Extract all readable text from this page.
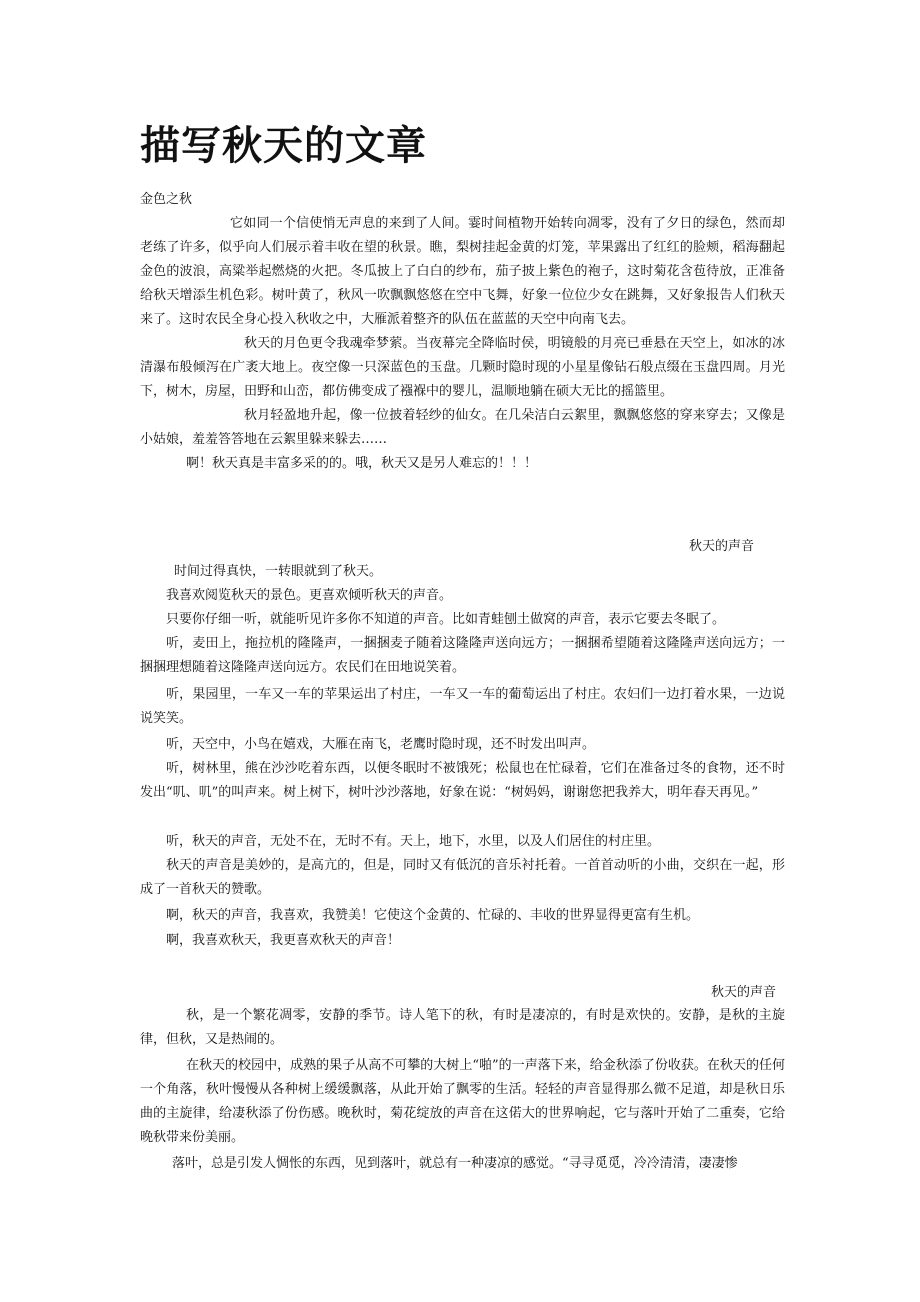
描写秋天的文章
金色之秋

它如同一个信使悄无声息的来到了人间。霎时间植物开始转向凋零，没有了夕日的绿色，然而却老练了许多，似乎向人们展示着丰收在望的秋景。瞧，梨树挂起金黄的灯笼，苹果露出了红红的脸颊，稻海翻起金色的波浪，高粱举起燃烧的火把。冬瓜披上了白白的纱布，茄子披上紫色的袍子，这时菊花含苞待放，正准备给秋天增添生机色彩。树叶黄了，秋风一吹飘飘悠悠在空中飞舞，好象一位位少女在跳舞，又好象报告人们秋天来了。这时农民全身心投入秋收之中，大雁派着整齐的队伍在蓝蓝的天空中向南飞去。

秋天的月色更令我魂牵梦萦。当夜幕完全降临时侯，明镜般的月亮已垂悬在天空上，如冰的冰清瀑布般倾泻在广袤大地上。夜空像一只深蓝色的玉盘。几颗时隐时现的小星星像钻石般点缀在玉盘四周。月光下，树木，房屋，田野和山峦，都仿佛变成了襁褓中的婴儿，温顺地躺在硕大无比的摇篮里。

秋月轻盈地升起，像一位披着轻纱的仙女。在几朵洁白云絮里，飘飘悠悠的穿来穿去；又像是小姑娘，羞羞答答地在云絮里躲来躲去……

啊！秋天真是丰富多采的的。哦，秋天又是另人难忘的！！！

秋天的声音

时间过得真快，一转眼就到了秋天。

我喜欢阅览秋天的景色。更喜欢倾听秋天的声音。

只要你仔细一听，就能听见许多你不知道的声音。比如青蛙刨土做窝的声音，表示它要去冬眠了。

听，麦田上，拖拉机的隆隆声，一捆捆麦子随着这隆隆声送向远方；一捆捆希望随着这隆隆声送向远方；一捆捆理想随着这隆隆声送向远方。农民们在田地说笑着。

听，果园里，一车又一车的苹果运出了村庄，一车又一车的葡萄运出了村庄。农妇们一边打着水果，一边说说笑笑。

听，天空中，小鸟在嬉戏，大雁在南飞，老鹰时隐时现，还不时发出叫声。

听，树林里，熊在沙沙吃着东西，以便冬眠时不被饿死；松鼠也在忙碌着，它们在准备过冬的食物，还不时发出“叽、叽”的叫声来。树上树下，树叶沙沙落地，好象在说：“树妈妈，谢谢您把我养大，明年春天再见。”

听，秋天的声音，无处不在，无时不有。天上，地下，水里，以及人们居住的村庄里。

秋天的声音是美妙的，是高亢的，但是，同时又有低沉的音乐衬托着。一首首动听的小曲，交织在一起，形成了一首秋天的赞歌。

啊，秋天的声音，我喜欢，我赞美！它使这个金黄的、忙碌的、丰收的世界显得更富有生机。

啊，我喜欢秋天，我更喜欢秋天的声音！

秋天的声音

秋，是一个繁花凋零，安静的季节。诗人笔下的秋，有时是凄凉的，有时是欢快的。安静，是秋的主旋律，但秋，又是热闹的。

在秋天的校园中，成熟的果子从高不可攀的大树上“啪”的一声落下来，给金秋添了份收获。在秋天的任何一个角落，秋叶慢慢从各种树上缓缓飘落，从此开始了飘零的生活。轻轻的声音显得那么微不足道，却是秋日乐曲的主旋律，给凄秋添了份伤感。晚秋时，菊花绽放的声音在这偌大的世界响起，它与落叶开始了二重奏，它给晚秋带来份美丽。

落叶，总是引发人惆怅的东西，见到落叶，就总有一种凄凉的感觉。“寻寻觅觅，冷冷清清，凄凄惨
